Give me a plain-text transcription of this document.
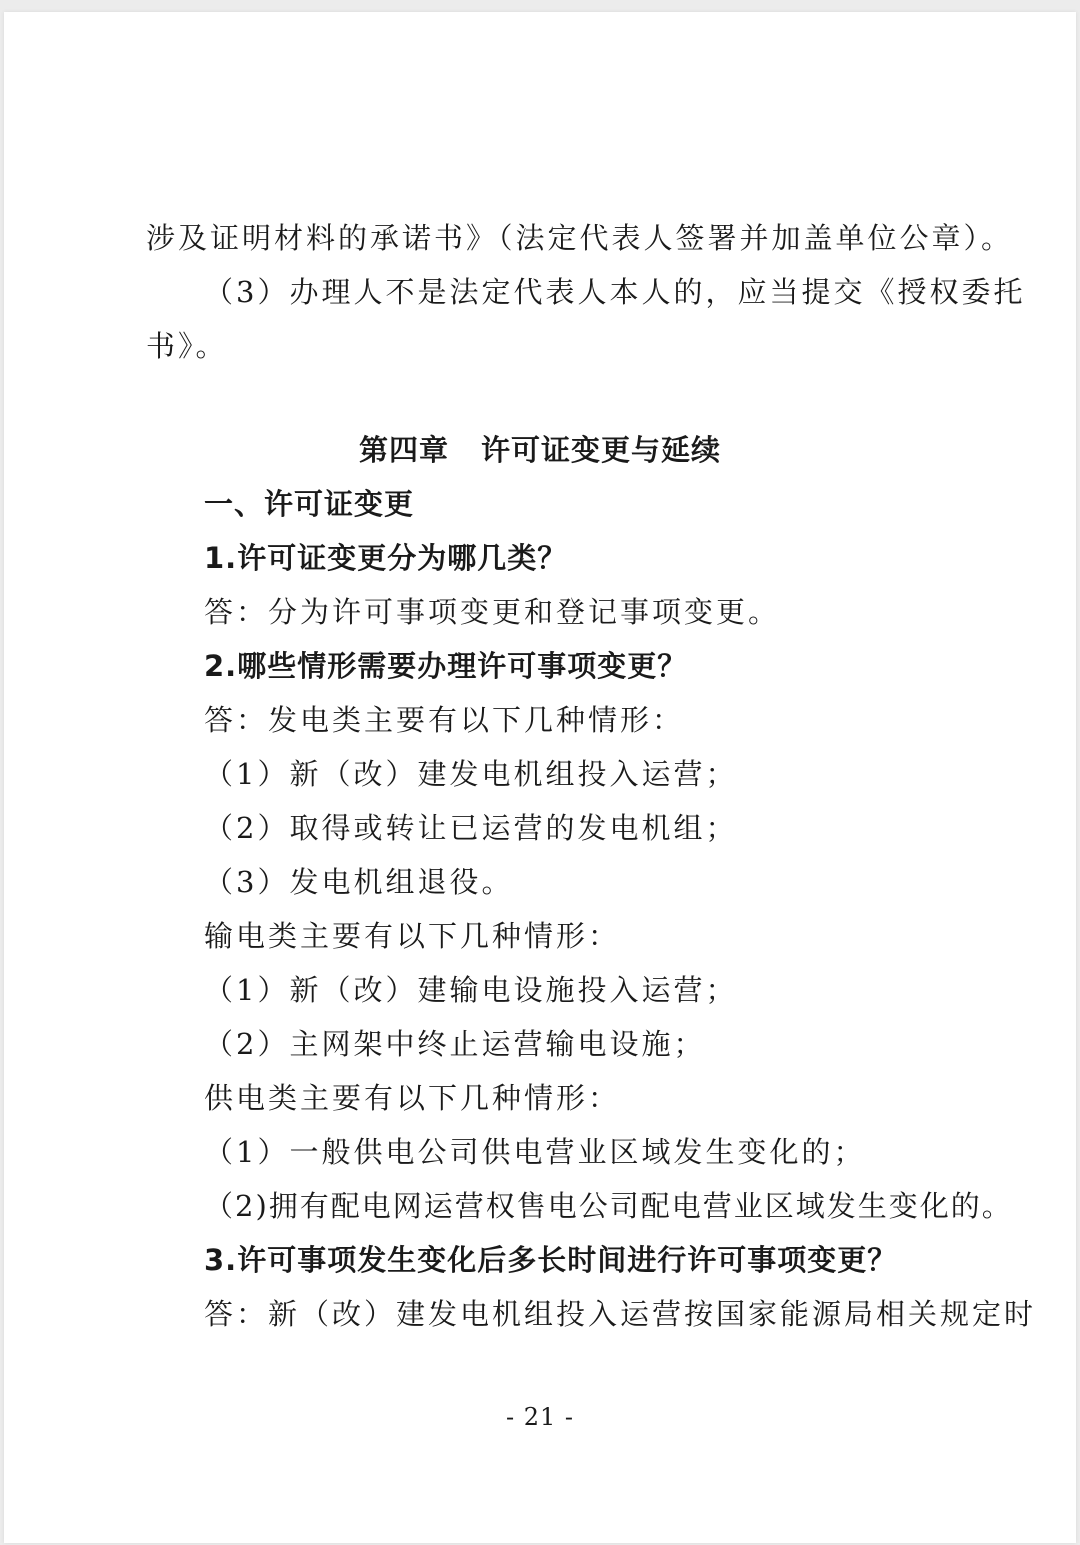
涉及证明材料的承诺书》（法定代表人签署并加盖单位公章）。
（3）办理人不是法定代表人本人的，应当提交《授权委托
书》。
第四章 许可证变更与延续
一、许可证变更
1.许可证变更分为哪几类？
答：分为许可事项变更和登记事项变更。
2.哪些情形需要办理许可事项变更？
答：发电类主要有以下几种情形：
（1）新（改）建发电机组投入运营；
（2）取得或转让已运营的发电机组；
（3）发电机组退役。
输电类主要有以下几种情形：
（1）新（改）建输电设施投入运营；
（2）主网架中终止运营输电设施；
供电类主要有以下几种情形：
（1）一般供电公司供电营业区域发生变化的；
（2)拥有配电网运营权售电公司配电营业区域发生变化的。
3.许可事项发生变化后多长时间进行许可事项变更？
答：新（改）建发电机组投入运营按国家能源局相关规定时
- 21 -
